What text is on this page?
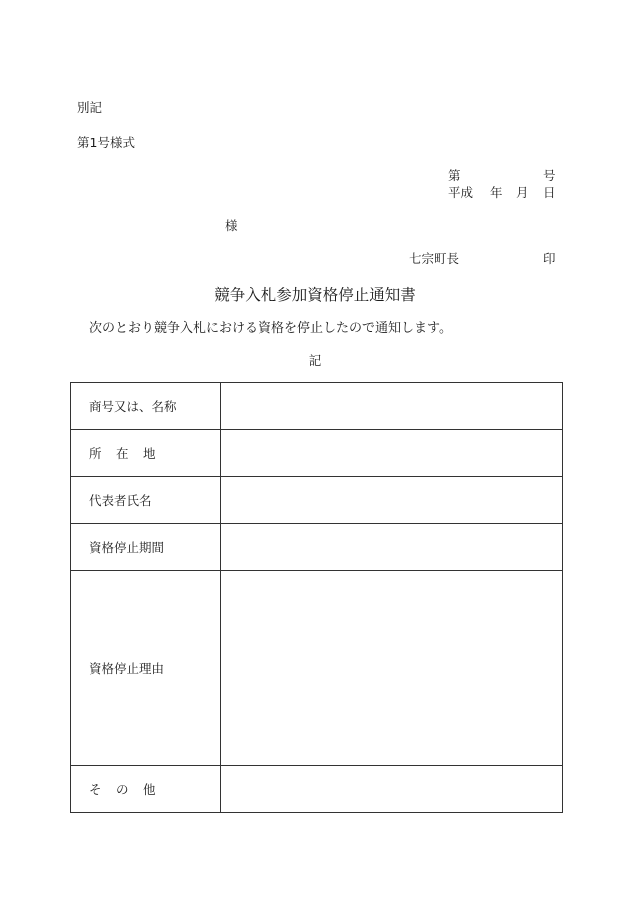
別記
第1号様式
第	号
平成	年	月	日
様
七宗町長	印
競争入札参加資格停止通知書
次のとおり競争入札における資格を停止したので通知します。
記
商号又は、名称	
所　在　地	
代表者氏名	
資格停止期間	
資格停止理由	
そ　の　他	
